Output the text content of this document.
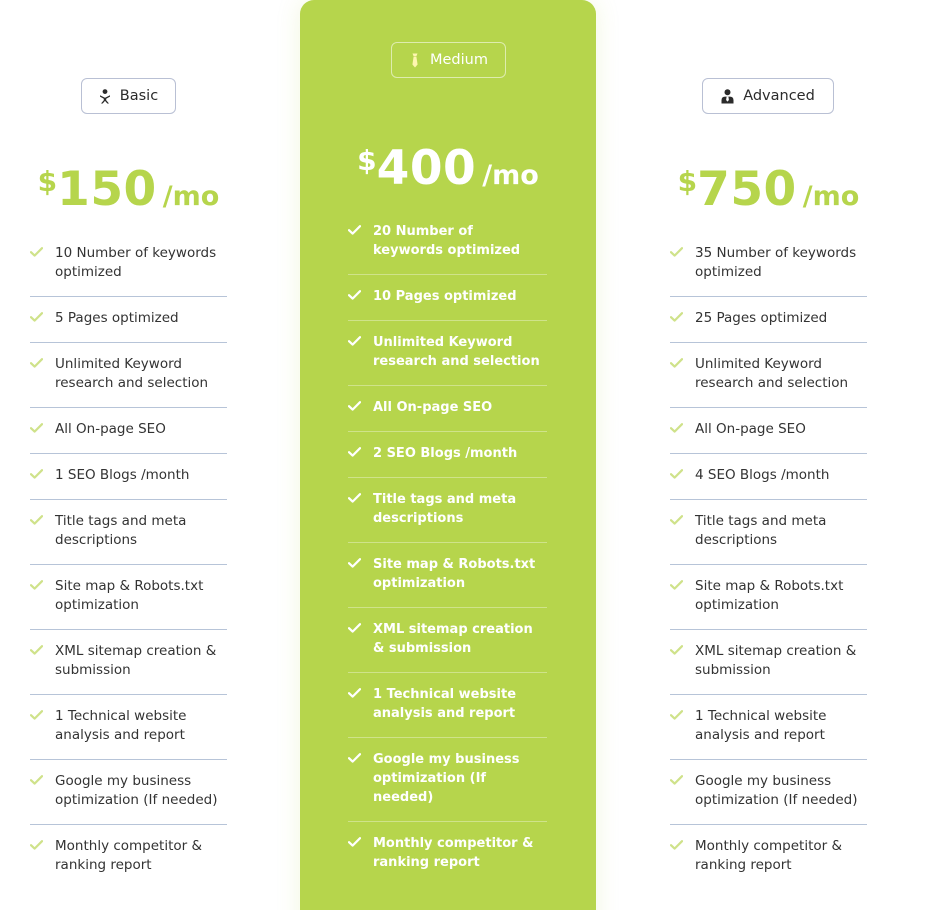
Basic
$150 /mo
10 Number of keywords optimized
5 Pages optimized
Unlimited Keyword research and selection
All On-page SEO
1 SEO Blogs /month
Title tags and meta descriptions
Site map & Robots.txt optimization
XML sitemap creation & submission
1 Technical website analysis and report
Google my business optimization (If needed)
Monthly competitor & ranking report
Medium
$400 /mo
20 Number of keywords optimized
10 Pages optimized
Unlimited Keyword research and selection
All On-page SEO
2 SEO Blogs /month
Title tags and meta descriptions
Site map & Robots.txt optimization
XML sitemap creation & submission
1 Technical website analysis and report
Google my business optimization (If needed)
Monthly competitor & ranking report
Advanced
$750 /mo
35 Number of keywords optimized
25 Pages optimized
Unlimited Keyword research and selection
All On-page SEO
4 SEO Blogs /month
Title tags and meta descriptions
Site map & Robots.txt optimization
XML sitemap creation & submission
1 Technical website analysis and report
Google my business optimization (If needed)
Monthly competitor & ranking report
